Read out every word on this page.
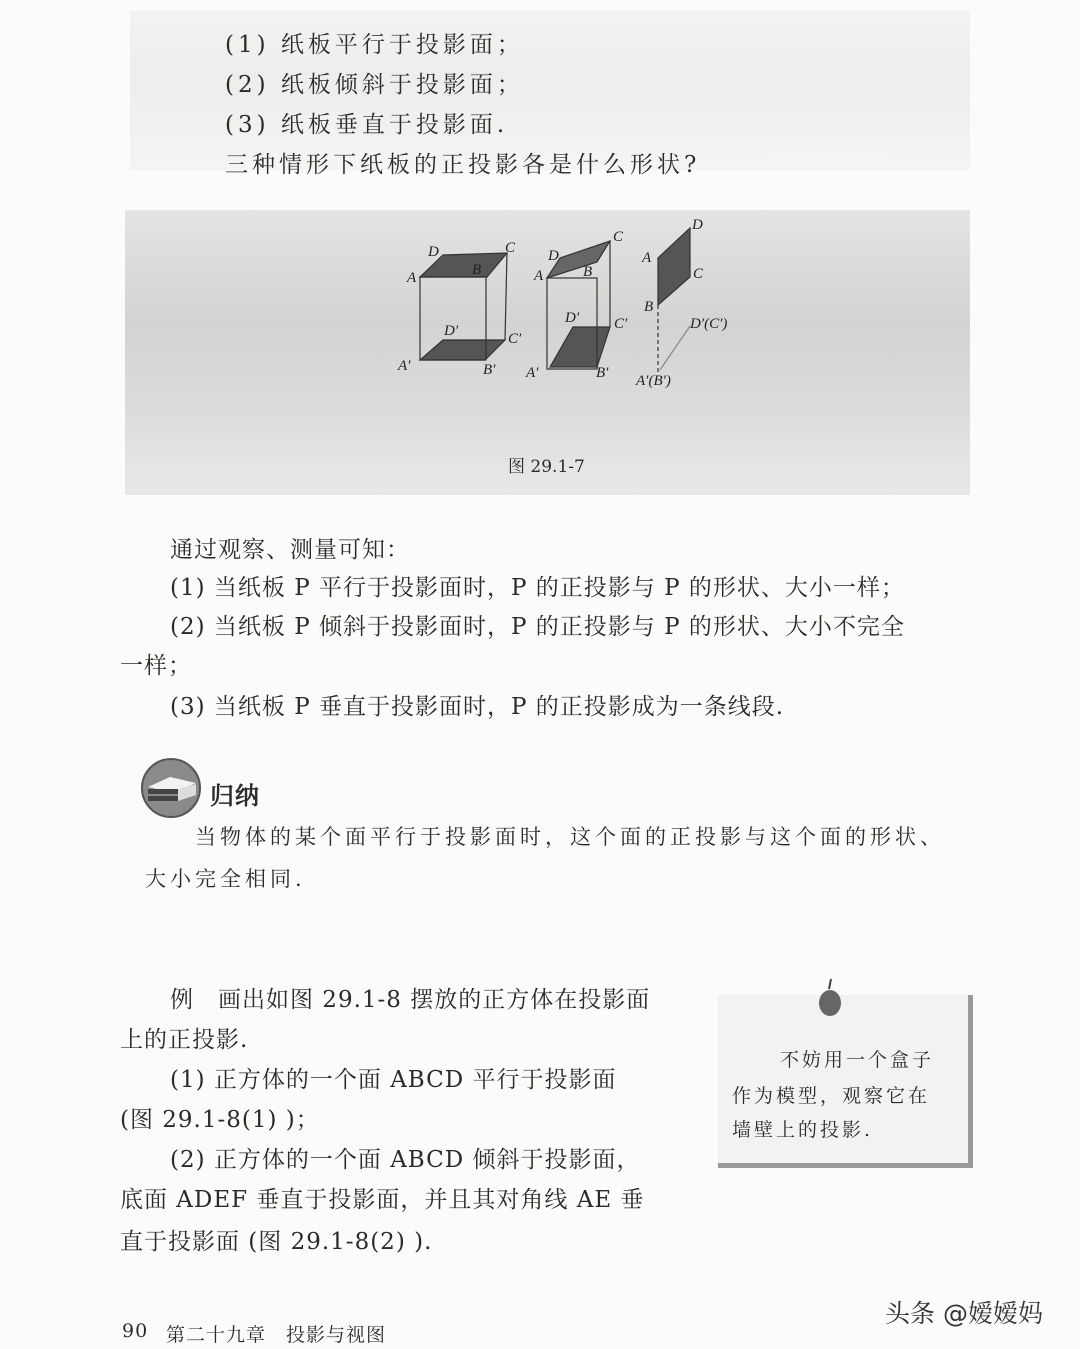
(1) 纸板平行于投影面；
(2) 纸板倾斜于投影面；
(3) 纸板垂直于投影面.
三种情形下纸板的正投影各是什么形状?
D	C
A	B
D′	C′
A′	B′
D
C
A	B
D′ C′
A′	B′
D
A
C
B
D′(C′)
A′(B′)
图 29.1-7
通过观察、测量可知：
(1) 当纸板 P 平行于投影面时，P 的正投影与 P 的形状、大小一样；
(2) 当纸板 P 倾斜于投影面时，P 的正投影与 P 的形状、大小不完全
一样；
(3) 当纸板 P 垂直于投影面时，P 的正投影成为一条线段.
归纳
当物体的某个面平行于投影面时，这个面的正投影与这个面的形状、
大小完全相同.
例　画出如图 29.1-8 摆放的正方体在投影面
上的正投影.
(1) 正方体的一个面 ABCD 平行于投影面
(图 29.1-8(1) )；
(2) 正方体的一个面 ABCD 倾斜于投影面，
底面 ADEF 垂直于投影面，并且其对角线 AE 垂
直于投影面 (图 29.1-8(2) ).
不妨用一个盒子
作为模型，观察它在
墙壁上的投影.
90 第二十九章　投影与视图
头条 @嫒嫒妈
